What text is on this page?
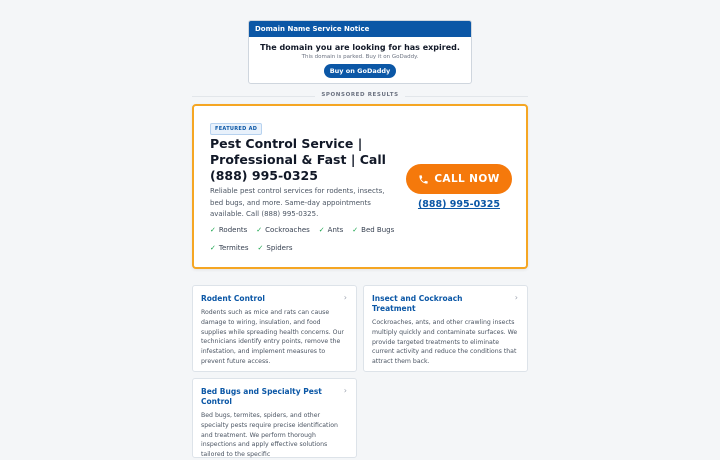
Domain Name Service Notice
The domain you are looking for has expired.
This domain is parked. Buy it on GoDaddy.
Buy on GoDaddy
SPONSORED RESULTS
FEATURED AD
Pest Control Service | Professional & Fast | Call (888) 995-0325
Reliable pest control services for rodents, insects, bed bugs, and more. Same-day appointments available. Call (888) 995-0325.
✓ Rodents ✓ Cockroaches ✓ Ants ✓ Bed Bugs
✓ Termites ✓ Spiders
CALL NOW
(888) 995-0325
Rodent Control	›
Rodents such as mice and rats can cause damage to wiring, insulation, and food supplies while spreading health concerns. Our technicians identify entry points, remove the infestation, and implement measures to prevent future access.
Insect and Cockroach Treatment
›
Cockroaches, ants, and other crawling insects multiply quickly and contaminate surfaces. We provide targeted treatments to eliminate current activity and reduce the conditions that attract them back.
Bed Bugs and Specialty Pest Control
›
Bed bugs, termites, spiders, and other specialty pests require precise identification and treatment. We perform thorough inspections and apply effective solutions tailored to the specific
